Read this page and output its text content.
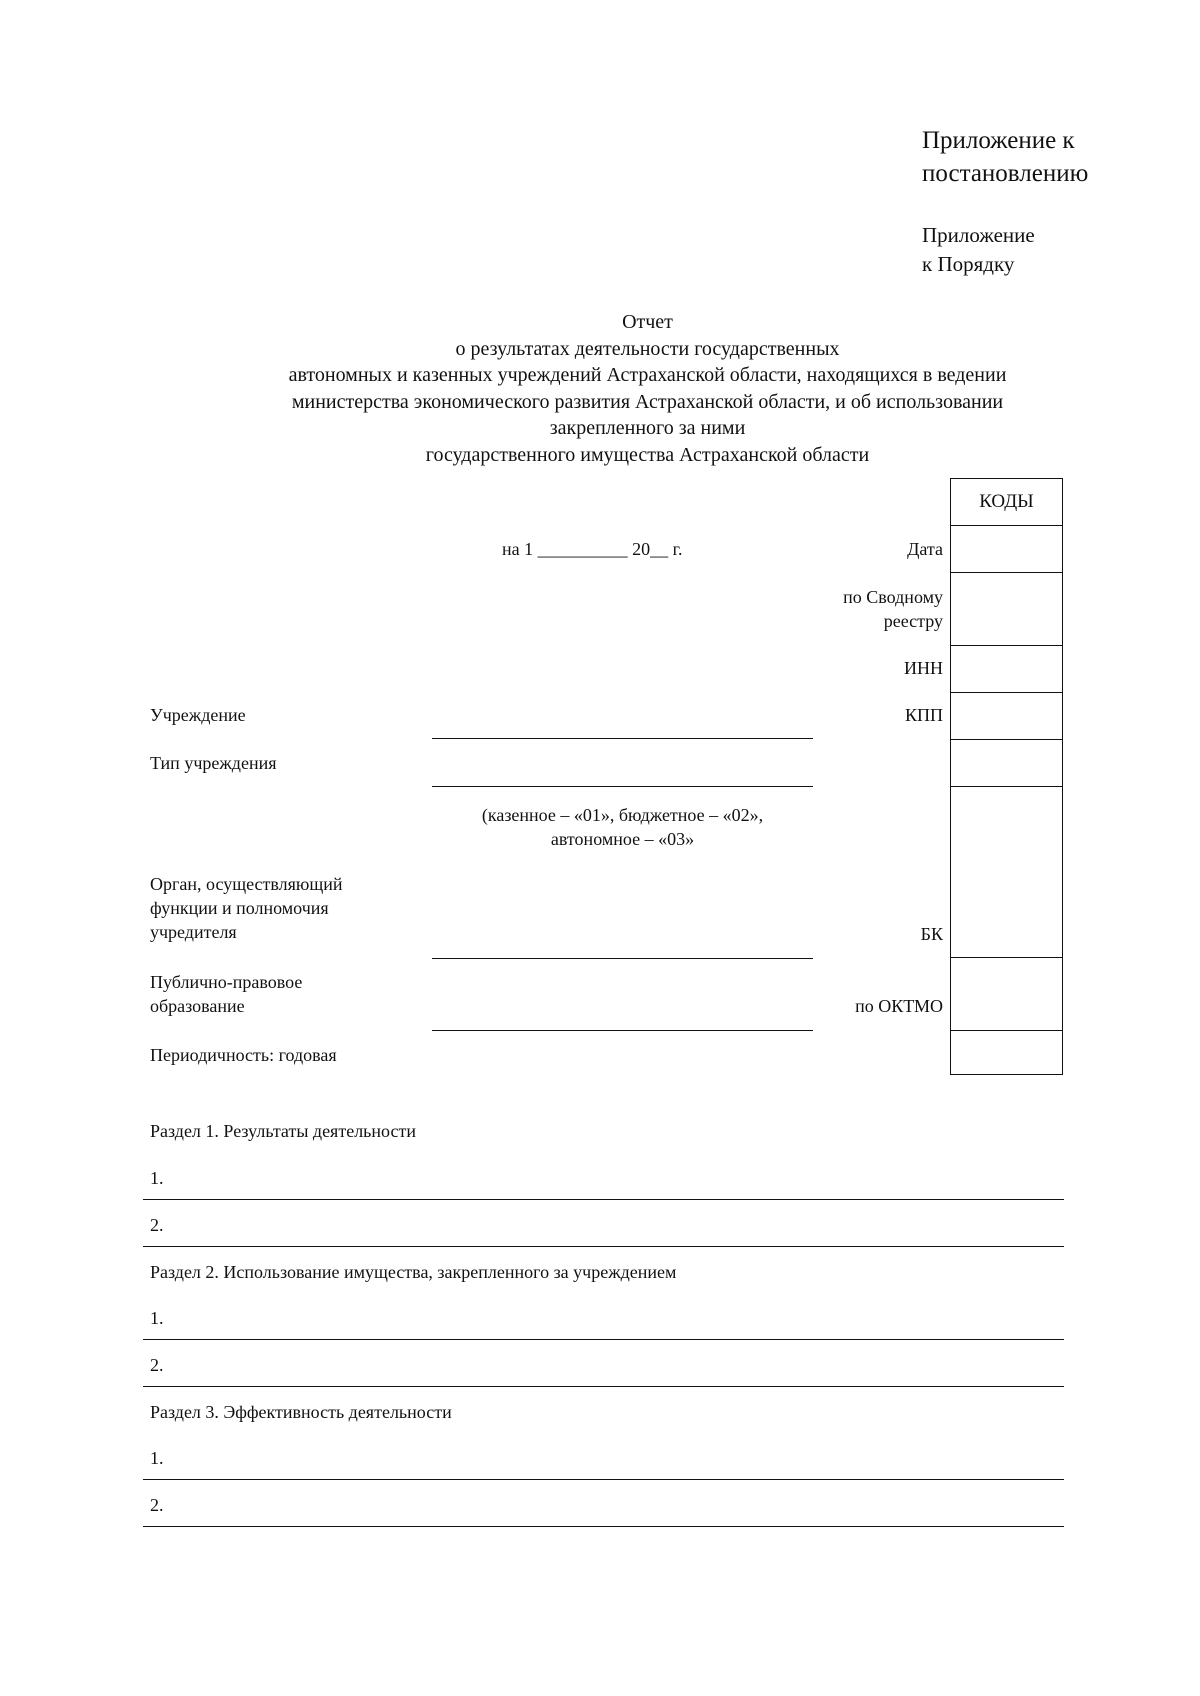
Приложение к
постановлению
Приложение
к Порядку
Отчет
о результатах деятельности государственных
автономных и казенных учреждений Астраханской области, находящихся в ведении
министерства экономического развития Астраханской области, и об использовании
закрепленного за ними
государственного имущества Астраханской области
на 1 __________ 20__ г.
КОДЫ
Дата
по Сводному
реестру
ИНН
КПП
БК
по ОКТМО
Учреждение
Тип учреждения
Орган, осуществляющий
функции и полномочия
учредителя
Публично-правовое
образование
Периодичность: годовая
(казенное – «01», бюджетное – «02»,
автономное – «03»
Раздел 1. Результаты деятельности
1.
2.
Раздел 2. Использование имущества, закрепленного за учреждением
1.
2.
Раздел 3. Эффективность деятельности
1.
2.
